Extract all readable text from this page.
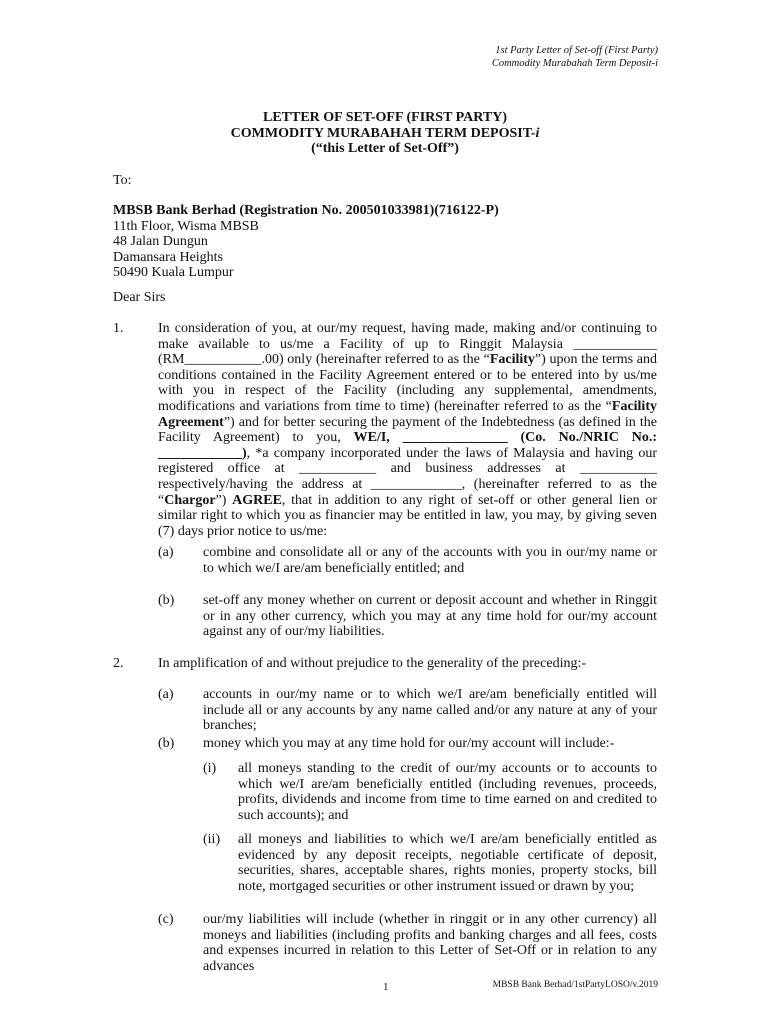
1st Party Letter of Set-off (First Party)
Commodity Murabahah Term Deposit-i
LETTER OF SET-OFF (FIRST PARTY)
COMMODITY MURABAHAH TERM DEPOSIT-i
(“this Letter of Set-Off”)
To:
MBSB Bank Berhad (Registration No. 200501033981)(716122-P)
11th Floor, Wisma MBSB
48 Jalan Dungun
Damansara Heights
50490 Kuala Lumpur
Dear Sirs
1. In consideration of you, at our/my request, having made, making and/or continuing to make available to us/me a Facility of up to Ringgit Malaysia ____________ (RM___________.00) only (hereinafter referred to as the “Facility”) upon the terms and conditions contained in the Facility Agreement entered or to be entered into by us/me with you in respect of the Facility (including any supplemental, amendments, modifications and variations from time to time) (hereinafter referred to as the “Facility Agreement”) and for better securing the payment of the Indebtedness (as defined in the Facility Agreement) to you, WE/I, _______________ (Co. No./NRIC No.: ____________), *a company incorporated under the laws of Malaysia and having our registered office at ___________ and business addresses at ___________ respectively/having the address at _____________, (hereinafter referred to as the “Chargor”) AGREE, that in addition to any right of set-off or other general lien or similar right to which you as financier may be entitled in law, you may, by giving seven (7) days prior notice to us/me:
(a) combine and consolidate all or any of the accounts with you in our/my name or to which we/I are/am beneficially entitled; and
(b) set-off any money whether on current or deposit account and whether in Ringgit or in any other currency, which you may at any time hold for our/my account against any of our/my liabilities.
2. In amplification of and without prejudice to the generality of the preceding:-
(a) accounts in our/my name or to which we/I are/am beneficially entitled will include all or any accounts by any name called and/or any nature at any of your branches;
(b) money which you may at any time hold for our/my account will include:-
(i) all moneys standing to the credit of our/my accounts or to accounts to which we/I are/am beneficially entitled (including revenues, proceeds, profits, dividends and income from time to time earned on and credited to such accounts); and
(ii) all moneys and liabilities to which we/I are/am beneficially entitled as evidenced by any deposit receipts, negotiable certificate of deposit, securities, shares, acceptable shares, rights monies, property stocks, bill note, mortgaged securities or other instrument issued or drawn by you;
(c) our/my liabilities will include (whether in ringgit or in any other currency) all moneys and liabilities (including profits and banking charges and all fees, costs and expenses incurred in relation to this Letter of Set-Off or in relation to any advances
1	MBSB Bank Berhad/1stPartyLOSO/v.2019
